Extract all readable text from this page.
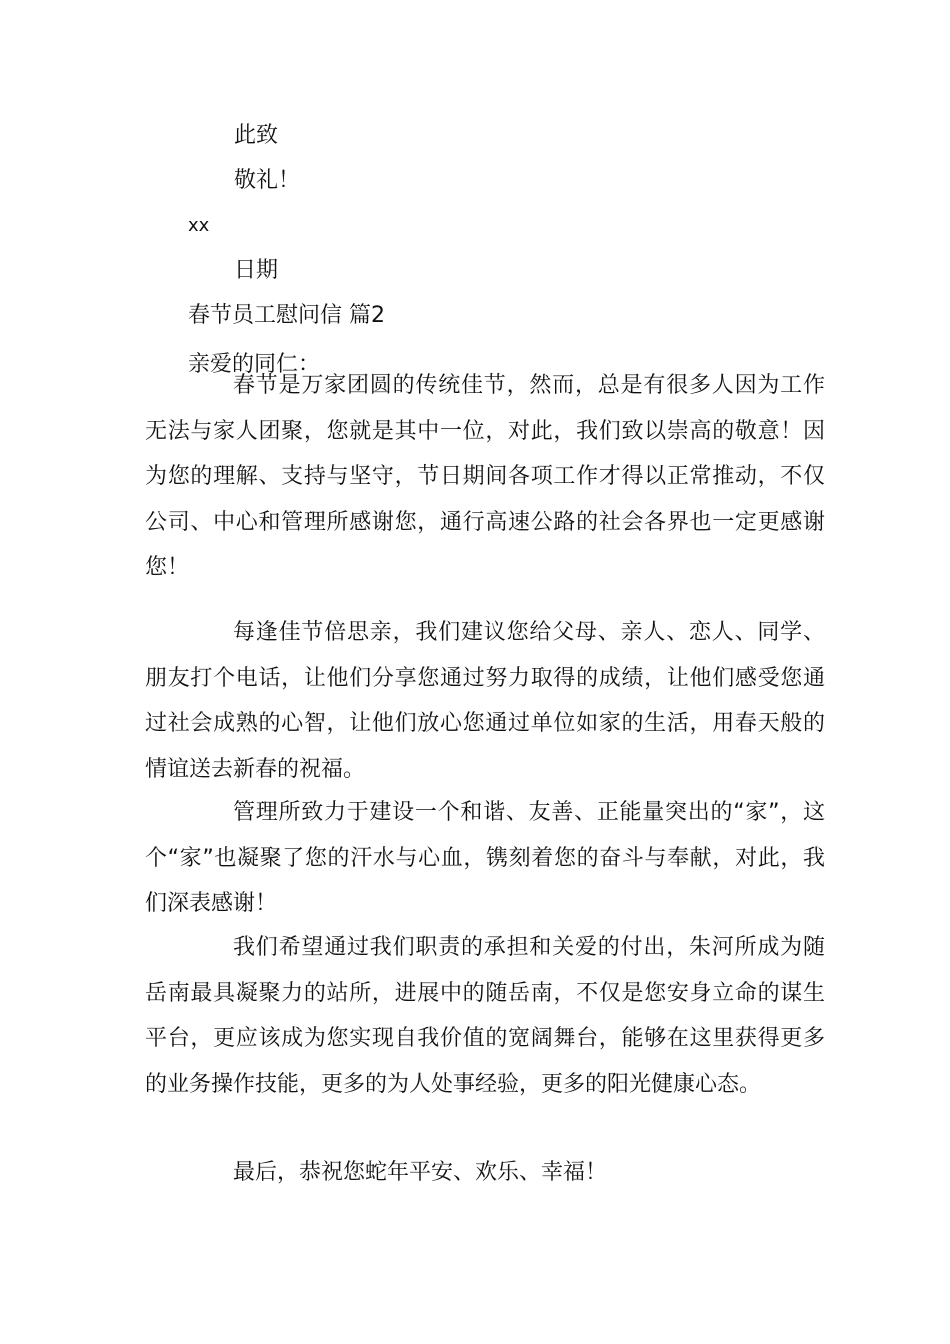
此致

敬礼！

xx

日期

春节员工慰问信 篇2

亲爱的同仁：

春节是万家团圆的传统佳节，然而，总是有很多人因为工作无法与家人团聚，您就是其中一位，对此，我们致以崇高的敬意！因为您的理解、支持与坚守，节日期间各项工作才得以正常推动，不仅公司、中心和管理所感谢您，通行高速公路的社会各界也一定更感谢您！

每逢佳节倍思亲，我们建议您给父母、亲人、恋人、同学、朋友打个电话，让他们分享您通过努力取得的成绩，让他们感受您通过社会成熟的心智，让他们放心您通过单位如家的生活，用春天般的情谊送去新春的祝福。

管理所致力于建设一个和谐、友善、正能量突出的“家”，这个“家”也凝聚了您的汗水与心血，镌刻着您的奋斗与奉献，对此，我们深表感谢！

我们希望通过我们职责的承担和关爱的付出，朱河所成为随岳南最具凝聚力的站所，进展中的随岳南，不仅是您安身立命的谋生平台，更应该成为您实现自我价值的宽阔舞台，能够在这里获得更多的业务操作技能，更多的为人处事经验，更多的阳光健康心态。

最后，恭祝您蛇年平安、欢乐、幸福！
